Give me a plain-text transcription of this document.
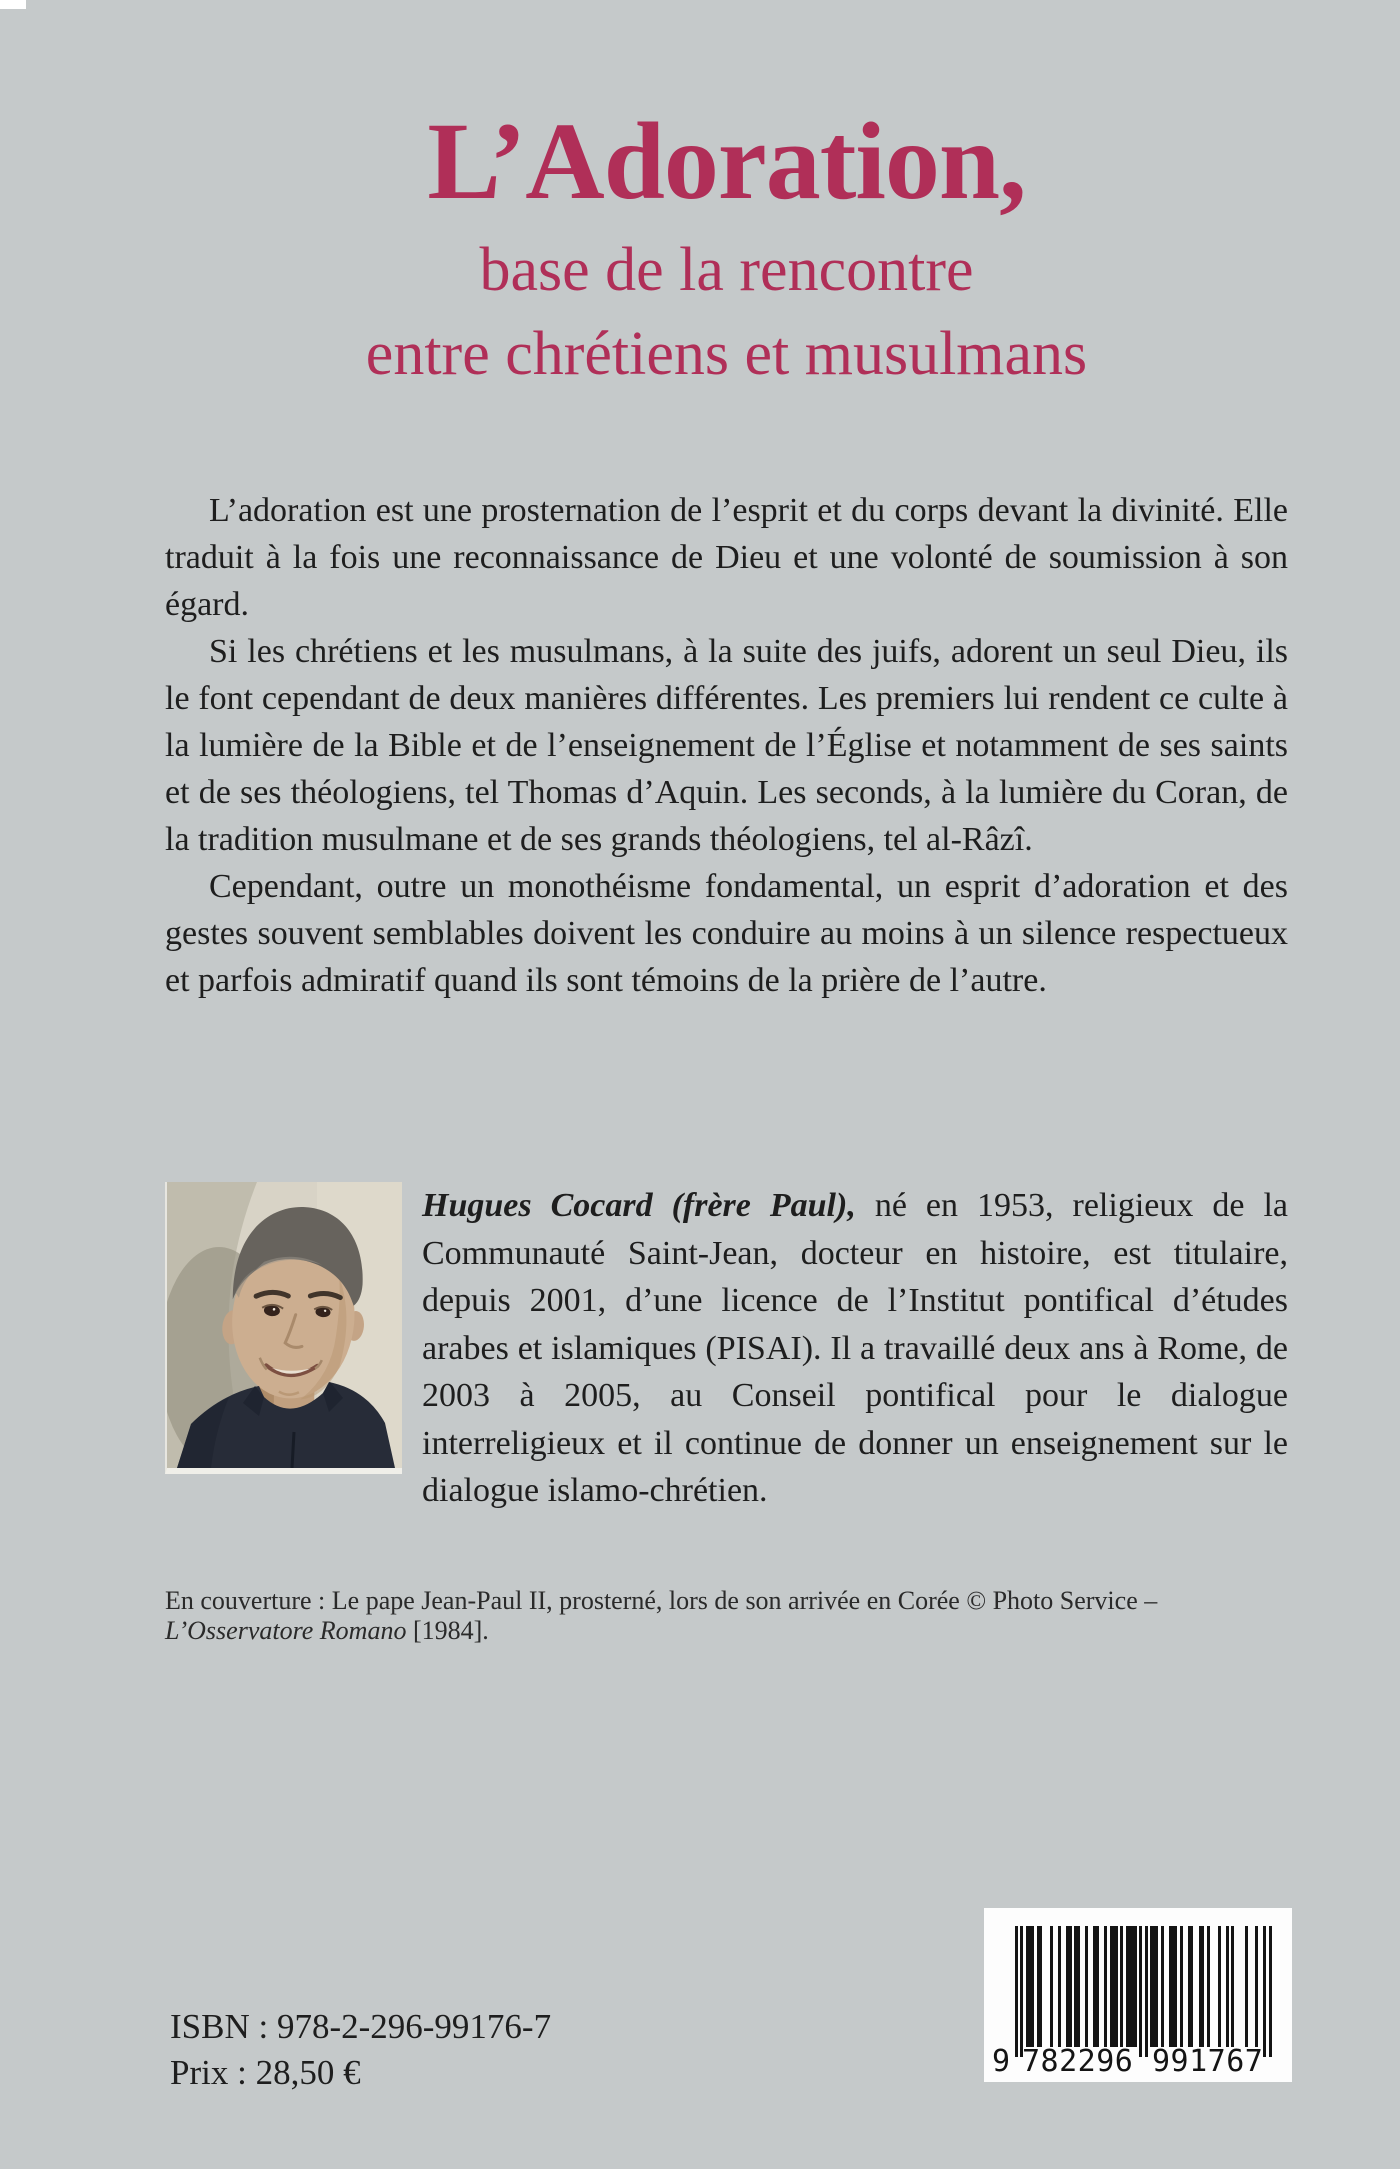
L’Adoration,
base de la rencontre
entre chrétiens et musulmans

L’adoration est une prosternation de l’esprit et du corps devant la divinité. Elle traduit à la fois une reconnaissance de Dieu et une volonté de soumission à son égard.

Si les chrétiens et les musulmans, à la suite des juifs, adorent un seul Dieu, ils le font cependant de deux manières différentes. Les premiers lui rendent ce culte à la lumière de la Bible et de l’enseignement de l’Église et notamment de ses saints et de ses théologiens, tel Thomas d’Aquin. Les seconds, à la lumière du Coran, de la tradition musulmane et de ses grands théologiens, tel al-Râzî.

Cependant, outre un monothéisme fondamental, un esprit d’adoration et des gestes souvent semblables doivent les conduire au moins à un silence respectueux et parfois admiratif quand ils sont témoins de la prière de l’autre.

Hugues Cocard (frère Paul), né en 1953, religieux de la Communauté Saint-Jean, docteur en histoire, est titulaire, depuis 2001, d’une licence de l’Institut pontifical d’études arabes et islamiques (PISAI). Il a travaillé deux ans à Rome, de 2003 à 2005, au Conseil pontifical pour le dialogue interreligieux et il continue de donner un enseignement sur le dialogue islamo-chrétien.
En couverture : Le pape Jean-Paul II, prosterné, lors de son arrivée en Corée © Photo Service – L’Osservatore Romano [1984].
ISBN : 978-2-296-99176-7
Prix : 28,50 €	9 782296 991767
